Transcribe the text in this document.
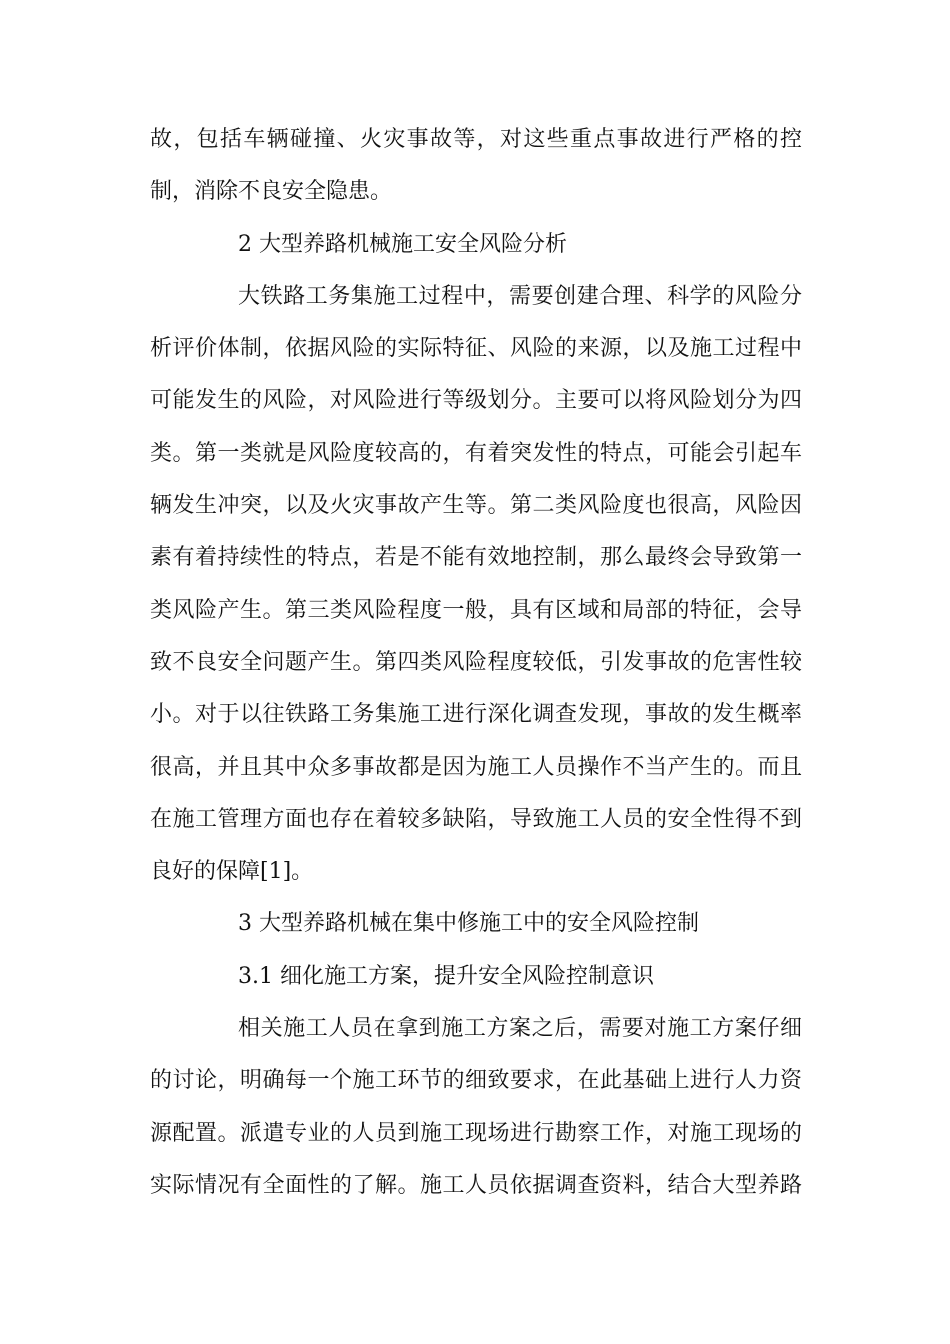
故，包括车辆碰撞、火灾事故等，对这些重点事故进行严格的控
制，消除不良安全隐患。
2 大型养路机械施工安全风险分析
大铁路工务集施工过程中，需要创建合理、科学的风险分
析评价体制，依据风险的实际特征、风险的来源，以及施工过程中
可能发生的风险，对风险进行等级划分。主要可以将风险划分为四
类。第一类就是风险度较高的，有着突发性的特点，可能会引起车
辆发生冲突，以及火灾事故产生等。第二类风险度也很高，风险因
素有着持续性的特点，若是不能有效地控制，那么最终会导致第一
类风险产生。第三类风险程度一般，具有区域和局部的特征，会导
致不良安全问题产生。第四类风险程度较低，引发事故的危害性较
小。对于以往铁路工务集施工进行深化调查发现，事故的发生概率
很高，并且其中众多事故都是因为施工人员操作不当产生的。而且
在施工管理方面也存在着较多缺陷，导致施工人员的安全性得不到
良好的保障[1]。
3 大型养路机械在集中修施工中的安全风险控制
3.1 细化施工方案，提升安全风险控制意识
相关施工人员在拿到施工方案之后，需要对施工方案仔细
的讨论，明确每一个施工环节的细致要求，在此基础上进行人力资
源配置。派遣专业的人员到施工现场进行勘察工作，对施工现场的
实际情况有全面性的了解。施工人员依据调查资料，结合大型养路
